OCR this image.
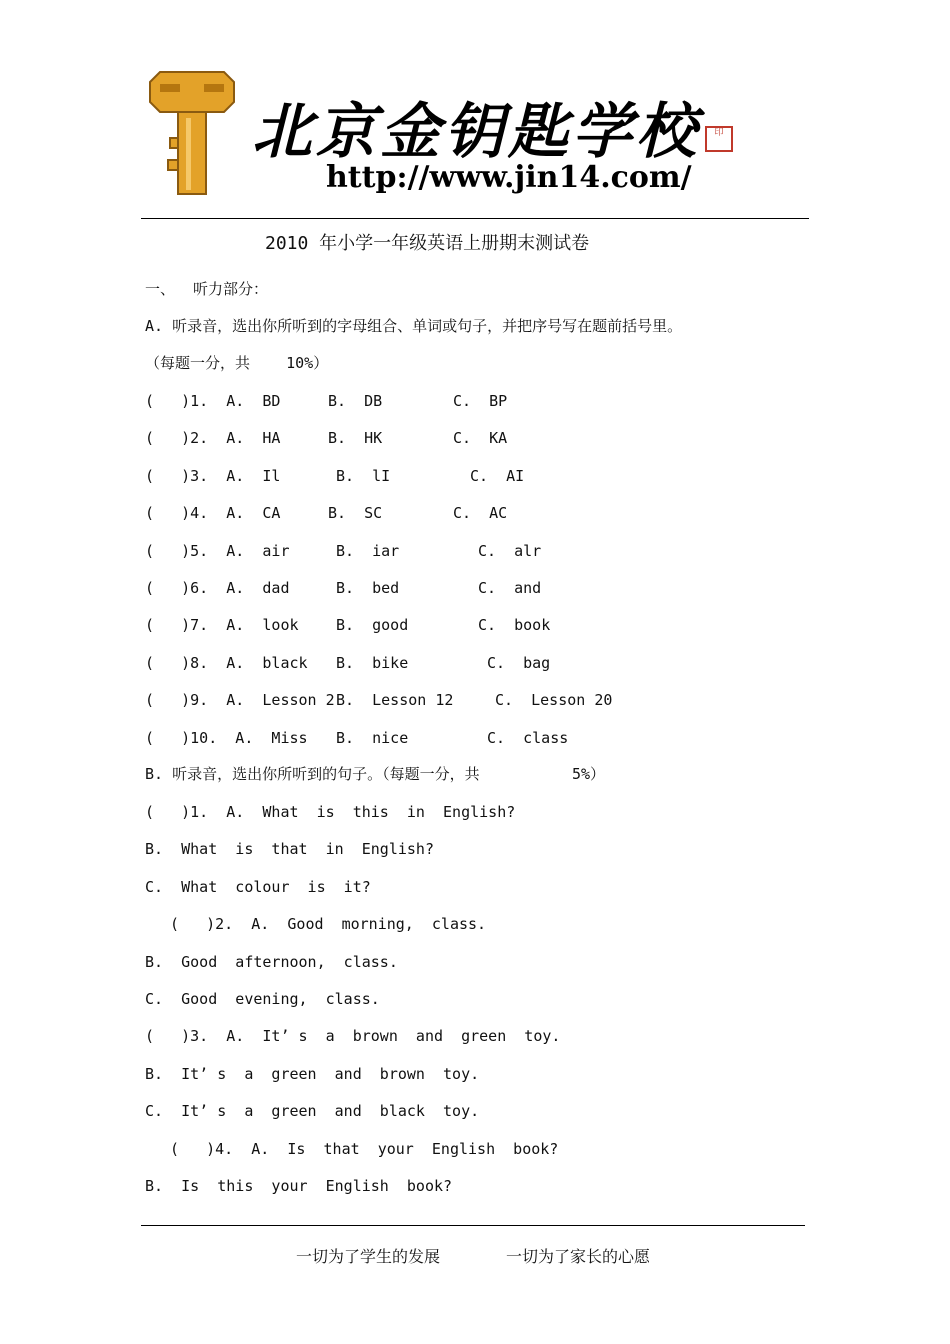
北京金钥匙学校	印
http://www.jin14.com/
2010 年小学一年级英语上册期末测试卷
一、  听力部分：
A. 听录音，选出你所听到的字母组合、单词或句子，并把序号写在题前括号里。
（每题一分，共    10%）
(   )1.  A.  BD	B.  DB	C.  BP
(   )2.  A.  HA	B.  HK	C.  KA
(   )3.  A.  Il	B.  lI	C.  AI
(   )4.  A.  CA	B.  SC	C.  AC
(   )5.  A.  air	B.  iar	C.  alr
(   )6.  A.  dad	B.  bed	C.  and
(   )7.  A.  look B.  good	C.  book
(   )8.  A.  black B.  bike	C.  bag
(   )9.  A.  Lesson 2 B.  Lesson 12	C.  Lesson 20
(   )10.  A.  Miss B.  nice	C.  class
B. 听录音，选出你所听到的句子。（每题一分，共	5%）
(   )1.  A.  What  is  this  in  English?
B.  What  is  that  in  English?
C.  What  colour  is  it?
(   )2.  A.  Good  morning,  class.
B.  Good  afternoon,  class.
C.  Good  evening,  class.
(   )3.  A.  It’ s  a  brown  and  green  toy.
B.  It’ s  a  green  and  brown  toy.
C.  It’ s  a  green  and  black  toy.
(   )4.  A.  Is  that  your  English  book?
B.  Is  this  your  English  book?
一切为了学生的发展	一切为了家长的心愿
